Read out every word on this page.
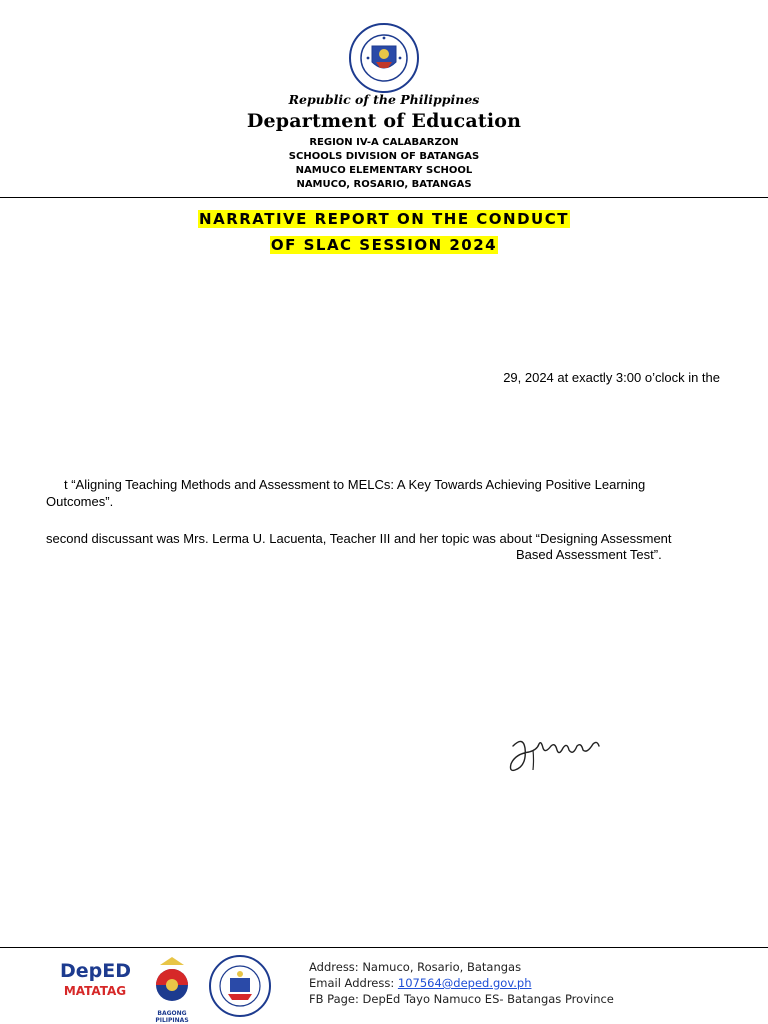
Republic of the Philippines
Department of Education
REGION IV-A CALABARZON
SCHOOLS DIVISION OF BATANGAS
NAMUCO ELEMENTARY SCHOOL
NAMUCO, ROSARIO, BATANGAS
NARRATIVE REPORT ON THE CONDUCT
OF SLAC SESSION 2024
29, 2024 at exactly 3:00 o’clock in the
t “Aligning Teaching Methods and Assessment to MELCs: A Key Towards Achieving Positive Learning
Outcomes”.
second discussant was Mrs. Lerma U. Lacuenta, Teacher III and her topic was about “Designing Assessment
Based Assessment Test”.
DepED
MATATAG
BAGONG PILIPINAS
Address: Namuco, Rosario, Batangas
Email Address: 107564@deped.gov.ph
FB Page: DepEd Tayo Namuco ES- Batangas Province
